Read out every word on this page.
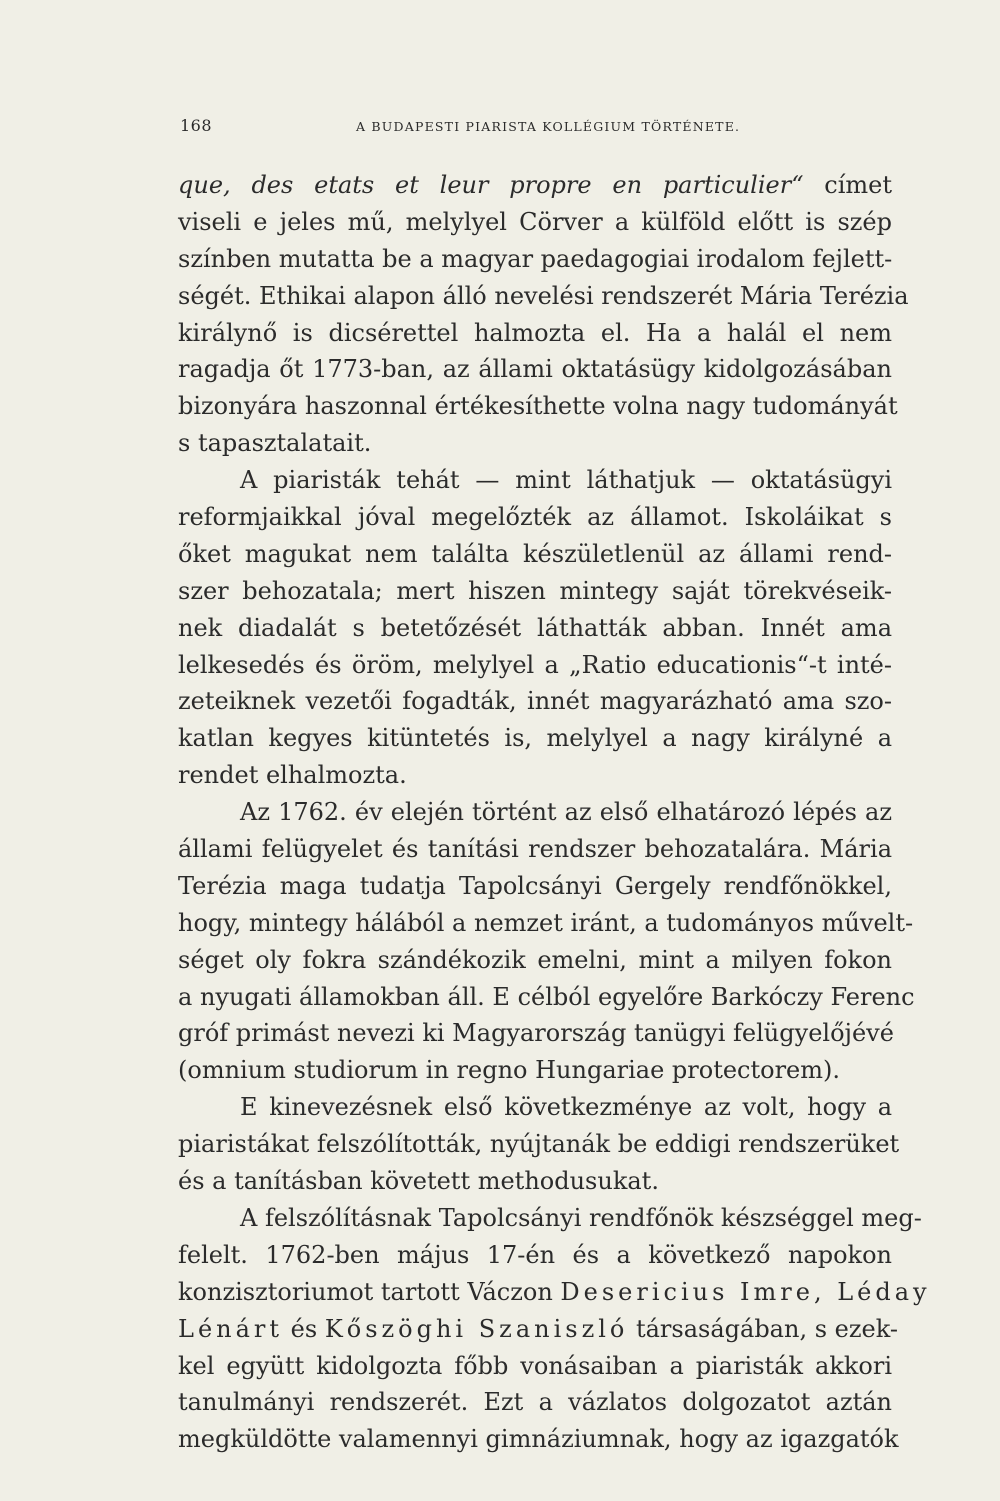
168	A BUDAPESTI PIARISTA KOLLÉGIUM TÖRTÉNETE.
que, des etats et leur propre en particulier“ címet
viseli e jeles mű, melylyel Cörver a külföld előtt is szép
színben mutatta be a magyar paedagogiai irodalom fejlett-
ségét. Ethikai alapon álló nevelési rendszerét Mária Terézia
királynő is dicsérettel halmozta el. Ha a halál el nem
ragadja őt 1773-ban, az állami oktatásügy kidolgozásában
bizonyára haszonnal értékesíthette volna nagy tudományát
s tapasztalatait.
A piaristák tehát — mint láthatjuk — oktatásügyi
reformjaikkal jóval megelőzték az államot. Iskoláikat s
őket magukat nem találta készületlenül az állami rend-
szer behozatala; mert hiszen mintegy saját törekvéseik-
nek diadalát s betetőzését láthatták abban. Innét ama
lelkesedés és öröm, melylyel a „Ratio educationis“-t inté-
zeteiknek vezetői fogadták, innét magyarázható ama szo-
katlan kegyes kitüntetés is, melylyel a nagy királyné a
rendet elhalmozta.
Az 1762. év elején történt az első elhatározó lépés az
állami felügyelet és tanítási rendszer behozatalára. Mária
Terézia maga tudatja Tapolcsányi Gergely rendfőnökkel,
hogy, mintegy hálából a nemzet iránt, a tudományos művelt-
séget oly fokra szándékozik emelni, mint a milyen fokon
a nyugati államokban áll. E célból egyelőre Barkóczy Ferenc
gróf primást nevezi ki Magyarország tanügyi felügyelőjévé
(omnium studiorum in regno Hungariae protectorem).
E kinevezésnek első következménye az volt, hogy a
piaristákat felszólították, nyújtanák be eddigi rendszerüket
és a tanításban követett methodusukat.
A felszólításnak Tapolcsányi rendfőnök készséggel meg-
felelt. 1762-ben május 17-én és a következő napokon
konzisztoriumot tartott Váczon Desericius Imre, Léday
Lénárt és Kőszöghi Szaniszló társaságában, s ezek-
kel együtt kidolgozta főbb vonásaiban a piaristák akkori
tanulmányi rendszerét. Ezt a vázlatos dolgozatot aztán
megküldötte valamennyi gimnáziumnak, hogy az igazgatók
